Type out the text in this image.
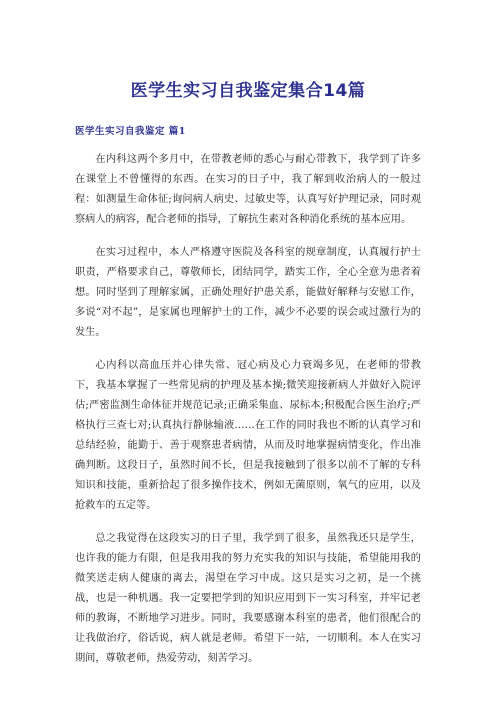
医学生实习自我鉴定集合14篇
医学生实习自我鉴定 篇1

在内科这两个多月中，在带教老师的悉心与耐心带教下，我学到了许多在课堂上不曾懂得的东西。在实习的日子中，我了解到收治病人的一般过程：如测量生命体征;询问病人病史、过敏史等，认真写好护理记录，同时观察病人的病容，配合老师的指导，了解抗生素对各种消化系统的基本应用。

在实习过程中，本人严格遵守医院及各科室的规章制度，认真履行护士职责，严格要求自己，尊敬师长，团结同学，踏实工作，全心全意为患者着想。同时坚到了理解家属，正确处理好护患关系，能做好解释与安慰工作，多说“对不起”，是家属也理解护士的工作，减少不必要的误会或过激行为的发生。

心内科以高血压并心律失常、冠心病及心力衰竭多见，在老师的带教下，我基本掌握了一些常见病的护理及基本操;微笑迎接新病人并做好入院评估;严密监测生命体征并规范记录;正确采集血、尿标本;积极配合医生治疗;严格执行三查七对;认真执行静脉输液……在工作的同时我也不断的认真学习和总结经验，能勤于、善于观察患者病情，从而及时地掌握病情变化，作出准确判断。这段日子，虽然时间不长，但是我接触到了很多以前不了解的专科知识和技能，重新拾起了很多操作技术，例如无菌原则，氧气的应用，以及抢救车的五定等。

总之我觉得在这段实习的日子里，我学到了很多，虽然我还只是学生，也许我的能力有限，但是我用我的努力充实我的知识与技能，希望能用我的微笑送走病人健康的离去，渴望在学习中成。这只是实习之初，是一个挑战，也是一种机遇。我一定要把学到的知识应用到下一实习科室，并牢记老师的教诲，不断地学习进步。同时，我要感谢本科室的患者，他们很配合的让我做治疗，俗话说，病人就是老师。希望下一站，一切顺利。本人在实习期间，尊敬老师，热爱劳动，刻苦学习。
